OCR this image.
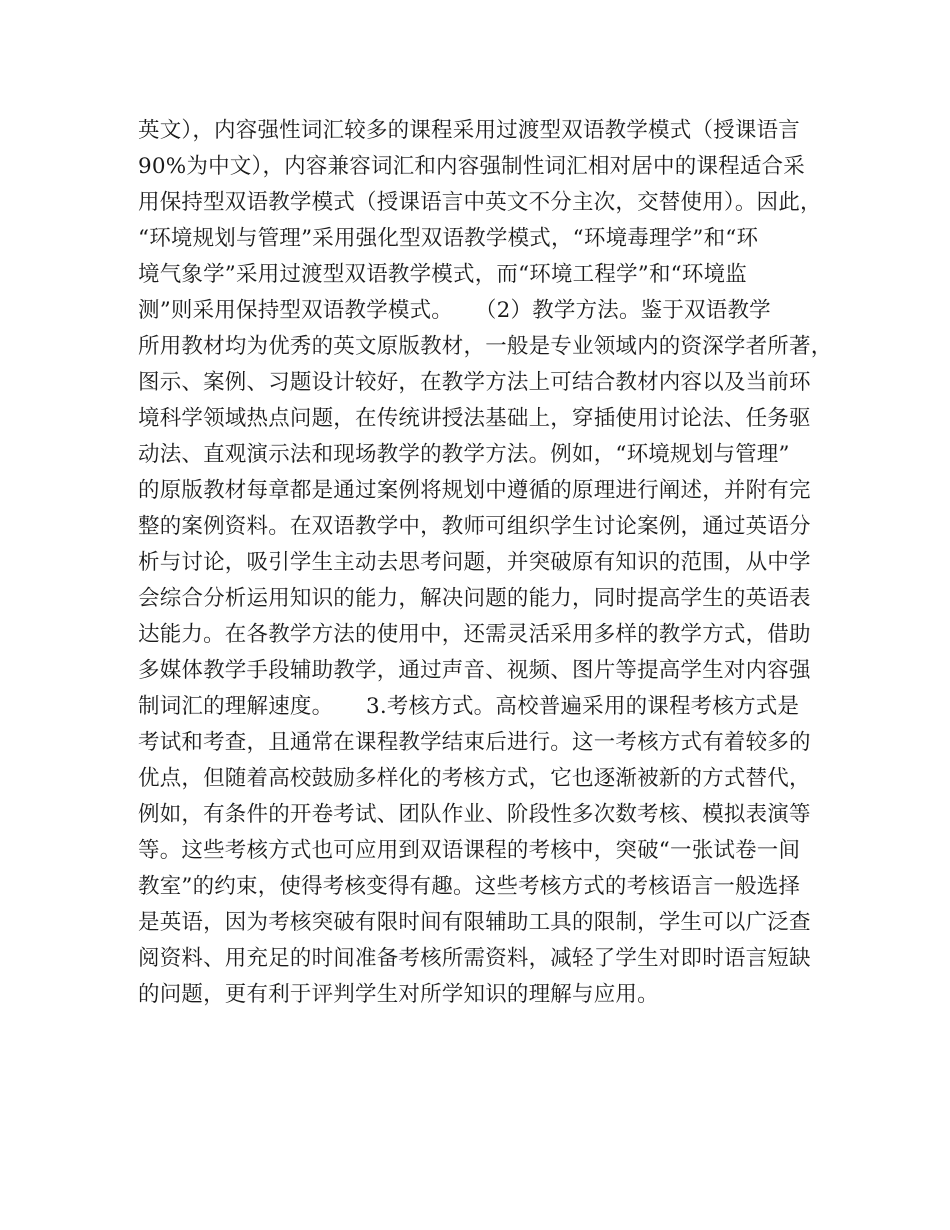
英文），内容强性词汇较多的课程采用过渡型双语教学模式（授课语言
90%为中文），内容兼容词汇和内容强制性词汇相对居中的课程适合采
用保持型双语教学模式（授课语言中英文不分主次，交替使用）。因此，
“环境规划与管理”采用强化型双语教学模式，“环境毒理学”和“环
境气象学”采用过渡型双语教学模式，而“环境工程学”和“环境监
测”则采用保持型双语教学模式。　　（2）教学方法。鉴于双语教学
所用教材均为优秀的英文原版教材，一般是专业领域内的资深学者所著，
图示、案例、习题设计较好，在教学方法上可结合教材内容以及当前环
境科学领域热点问题，在传统讲授法基础上，穿插使用讨论法、任务驱
动法、直观演示法和现场教学的教学方法。例如，“环境规划与管理”
的原版教材每章都是通过案例将规划中遵循的原理进行阐述，并附有完
整的案例资料。在双语教学中，教师可组织学生讨论案例，通过英语分
析与讨论，吸引学生主动去思考问题，并突破原有知识的范围，从中学
会综合分析运用知识的能力，解决问题的能力，同时提高学生的英语表
达能力。在各教学方法的使用中，还需灵活采用多样的教学方式，借助
多媒体教学手段辅助教学，通过声音、视频、图片等提高学生对内容强
制词汇的理解速度。　　3.考核方式。高校普遍采用的课程考核方式是
考试和考查，且通常在课程教学结束后进行。这一考核方式有着较多的
优点，但随着高校鼓励多样化的考核方式，它也逐渐被新的方式替代，
例如，有条件的开卷考试、团队作业、阶段性多次数考核、模拟表演等
等。这些考核方式也可应用到双语课程的考核中，突破“一张试卷一间
教室”的约束，使得考核变得有趣。这些考核方式的考核语言一般选择
是英语，因为考核突破有限时间有限辅助工具的限制，学生可以广泛查
阅资料、用充足的时间准备考核所需资料，减轻了学生对即时语言短缺
的问题，更有利于评判学生对所学知识的理解与应用。
